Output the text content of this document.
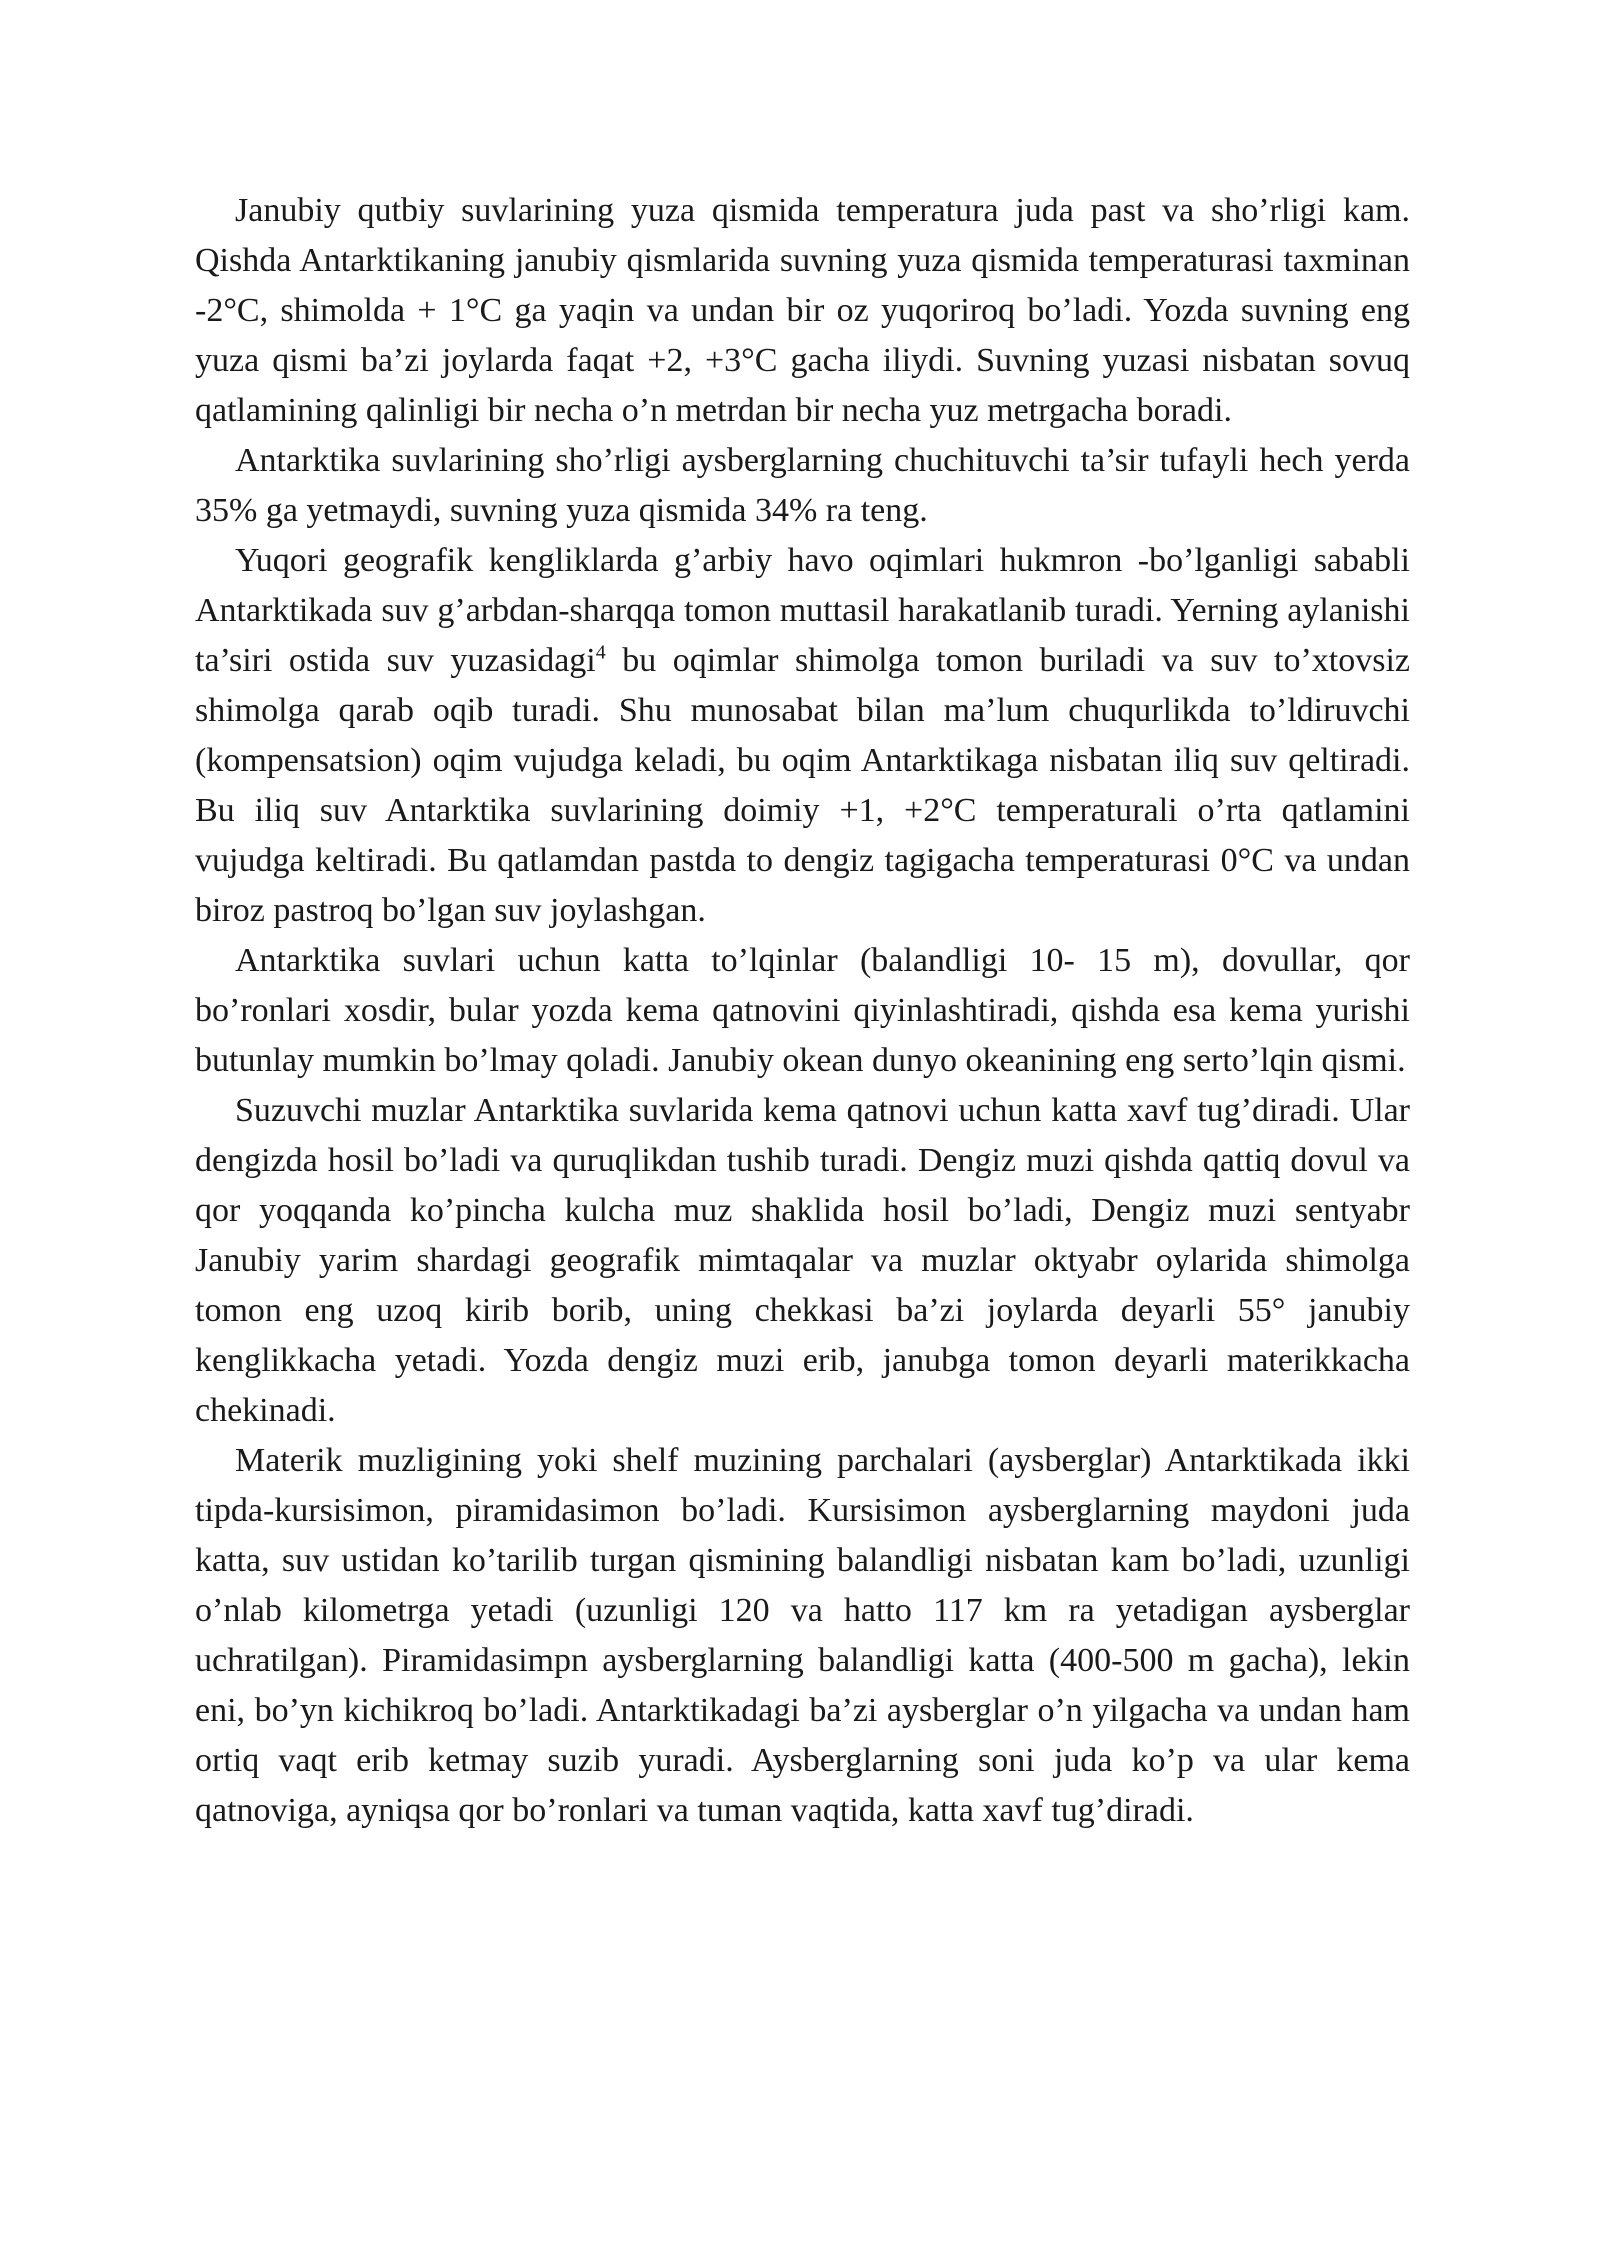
Janubiy qutbiy suvlarining yuza qismida temperatura juda past va sho’rligi kam. Qishda Antarktikaning janubiy qismlarida suvning yuza qismida temperaturasi taxminan -2°C, shimolda + 1°C ga yaqin va undan bir oz yuqoriroq bo’ladi. Yozda suvning eng yuza qismi ba’zi joylarda faqat +2, +3°C gacha iliydi. Suvning yuzasi nisbatan sovuq qatlamining qalinligi bir necha o’n metrdan bir necha yuz metrgacha boradi.

Antarktika suvlarining sho’rligi aysberglarning chuchituvchi ta’sir tufayli hech yerda 35% ga yetmaydi, suvning yuza qismida 34% ra teng.

Yuqori geografik kengliklarda g’arbiy havo oqimlari hukmron -bo’lganligi sababli Antarktikada suv g’arbdan-sharqqa tomon muttasil harakatlanib turadi. Yerning aylanishi ta’siri ostida suv yuzasidagi$^4$ bu oqimlar shimolga tomon buriladi va suv to’xtovsiz shimolga qarab oqib turadi. Shu munosabat bilan ma’lum chuqurlikda to’ldiruvchi (kompensatsion) oqim vujudga keladi, bu oqim Antarktikaga nisbatan iliq suv qeltiradi. Bu iliq suv Antarktika suvlarining doimiy +1, +2°C temperaturali o’rta qatlamini vujudga keltiradi. Bu qatlamdan pastda to dengiz tagigacha temperaturasi 0°C va undan biroz pastroq bo’lgan suv joylashgan.

Antarktika suvlari uchun katta to’lqinlar (balandligi 10- 15 m), dovullar, qor bo’ronlari xosdir, bular yozda kema qatnovini qiyinlashtiradi, qishda esa kema yurishi butunlay mumkin bo’lmay qoladi. Janubiy okean dunyo okeanining eng serto’lqin qismi.

Suzuvchi muzlar Antarktika suvlarida kema qatnovi uchun katta xavf tug’diradi. Ular dengizda hosil bo’ladi va quruqlikdan tushib turadi. Dengiz muzi qishda qattiq dovul va qor yoqqanda ko’pincha kulcha muz shaklida hosil bo’ladi, Dengiz muzi sentyabr Janubiy yarim shardagi geografik mimtaqalar va muzlar oktyabr oylarida shimolga tomon eng uzoq kirib borib, uning chekkasi ba’zi joylarda deyarli 55° janubiy kenglikkacha yetadi. Yozda dengiz muzi erib, janubga tomon deyarli materikkacha chekinadi.

Materik muzligining yoki shelf muzining parchalari (aysberglar) Antarktikada ikki tipda-kursisimon, piramidasimon bo’ladi. Kursisimon aysberglarning maydoni juda katta, suv ustidan ko’tarilib turgan qismining balandligi nisbatan kam bo’ladi, uzunligi o’nlab kilometrga yetadi (uzunligi 120 va hatto 117 km ra yetadigan aysberglar uchratilgan). Piramidasimpn aysberglarning balandligi katta (400-500 m gacha), lekin eni, bo’yn kichikroq bo’ladi. Antarktikadagi ba’zi aysberglar o’n yilgacha va undan ham ortiq vaqt erib ketmay suzib yuradi. Aysberglarning soni juda ko’p va ular kema qatnoviga, ayniqsa qor bo’ronlari va tuman vaqtida, katta xavf tug’diradi.
